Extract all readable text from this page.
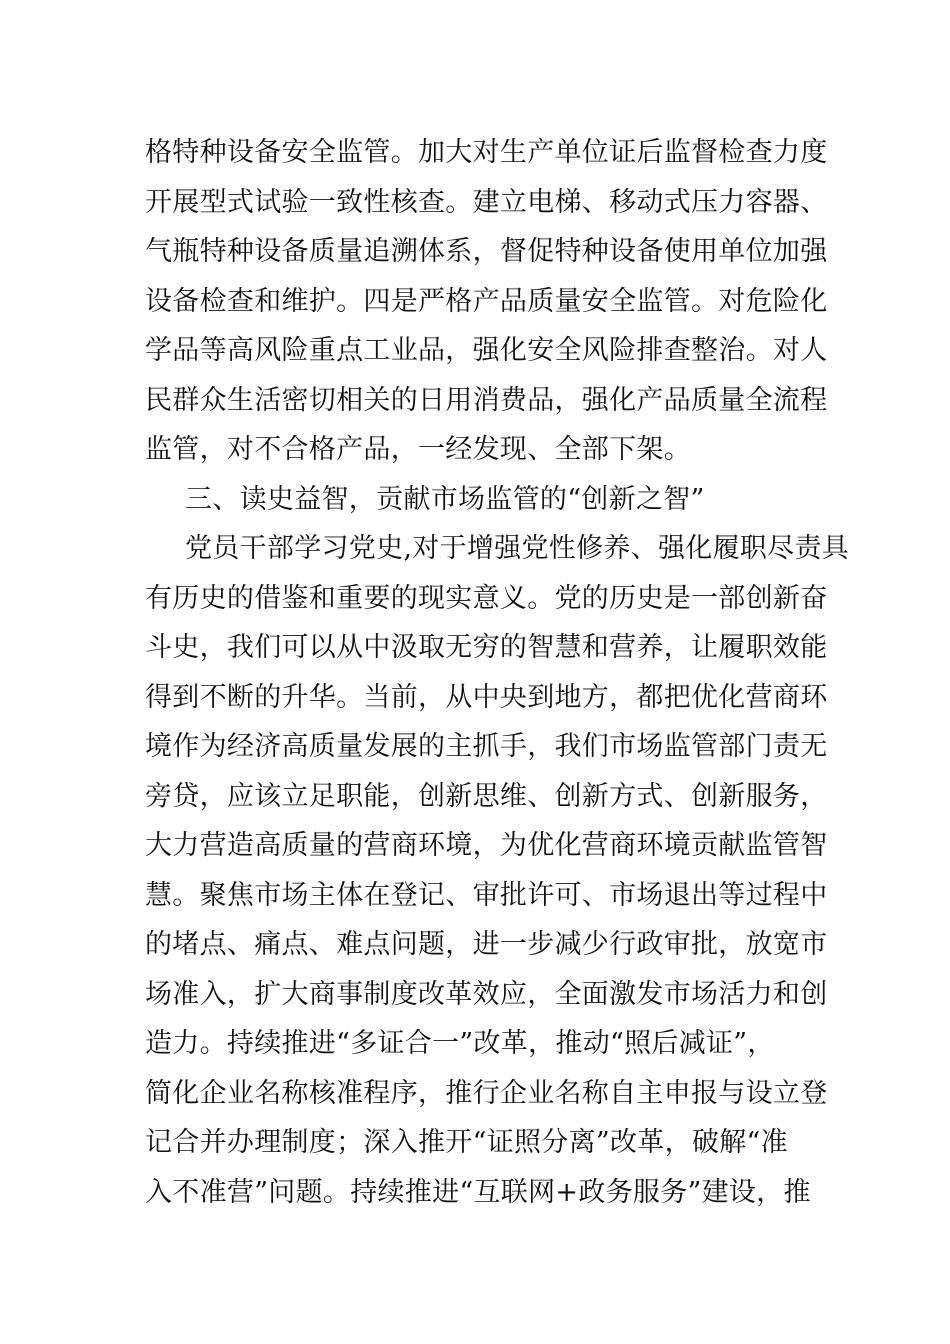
格特种设备安全监管。加大对生产单位证后监督检查力度
开展型式试验一致性核查。建立电梯、移动式压力容器、
气瓶特种设备质量追溯体系，督促特种设备使用单位加强
设备检查和维护。四是严格产品质量安全监管。对危险化
学品等高风险重点工业品，强化安全风险排查整治。对人
民群众生活密切相关的日用消费品，强化产品质量全流程
监管，对不合格产品，一经发现、全部下架。
三、读史益智，贡献市场监管的“创新之智”
党员干部学习党史,对于增强党性修养、强化履职尽责具
有历史的借鉴和重要的现实意义。党的历史是一部创新奋
斗史，我们可以从中汲取无穷的智慧和营养，让履职效能
得到不断的升华。当前，从中央到地方，都把优化营商环
境作为经济高质量发展的主抓手，我们市场监管部门责无
旁贷，应该立足职能，创新思维、创新方式、创新服务，
大力营造高质量的营商环境，为优化营商环境贡献监管智
慧。聚焦市场主体在登记、审批许可、市场退出等过程中
的堵点、痛点、难点问题，进一步减少行政审批，放宽市
场准入，扩大商事制度改革效应，全面激发市场活力和创
造力。持续推进“多证合一”改革，推动“照后减证”，
简化企业名称核准程序，推行企业名称自主申报与设立登
记合并办理制度；深入推开“证照分离”改革，破解“准
入不准营”问题。持续推进“互联网+政务服务”建设，推
